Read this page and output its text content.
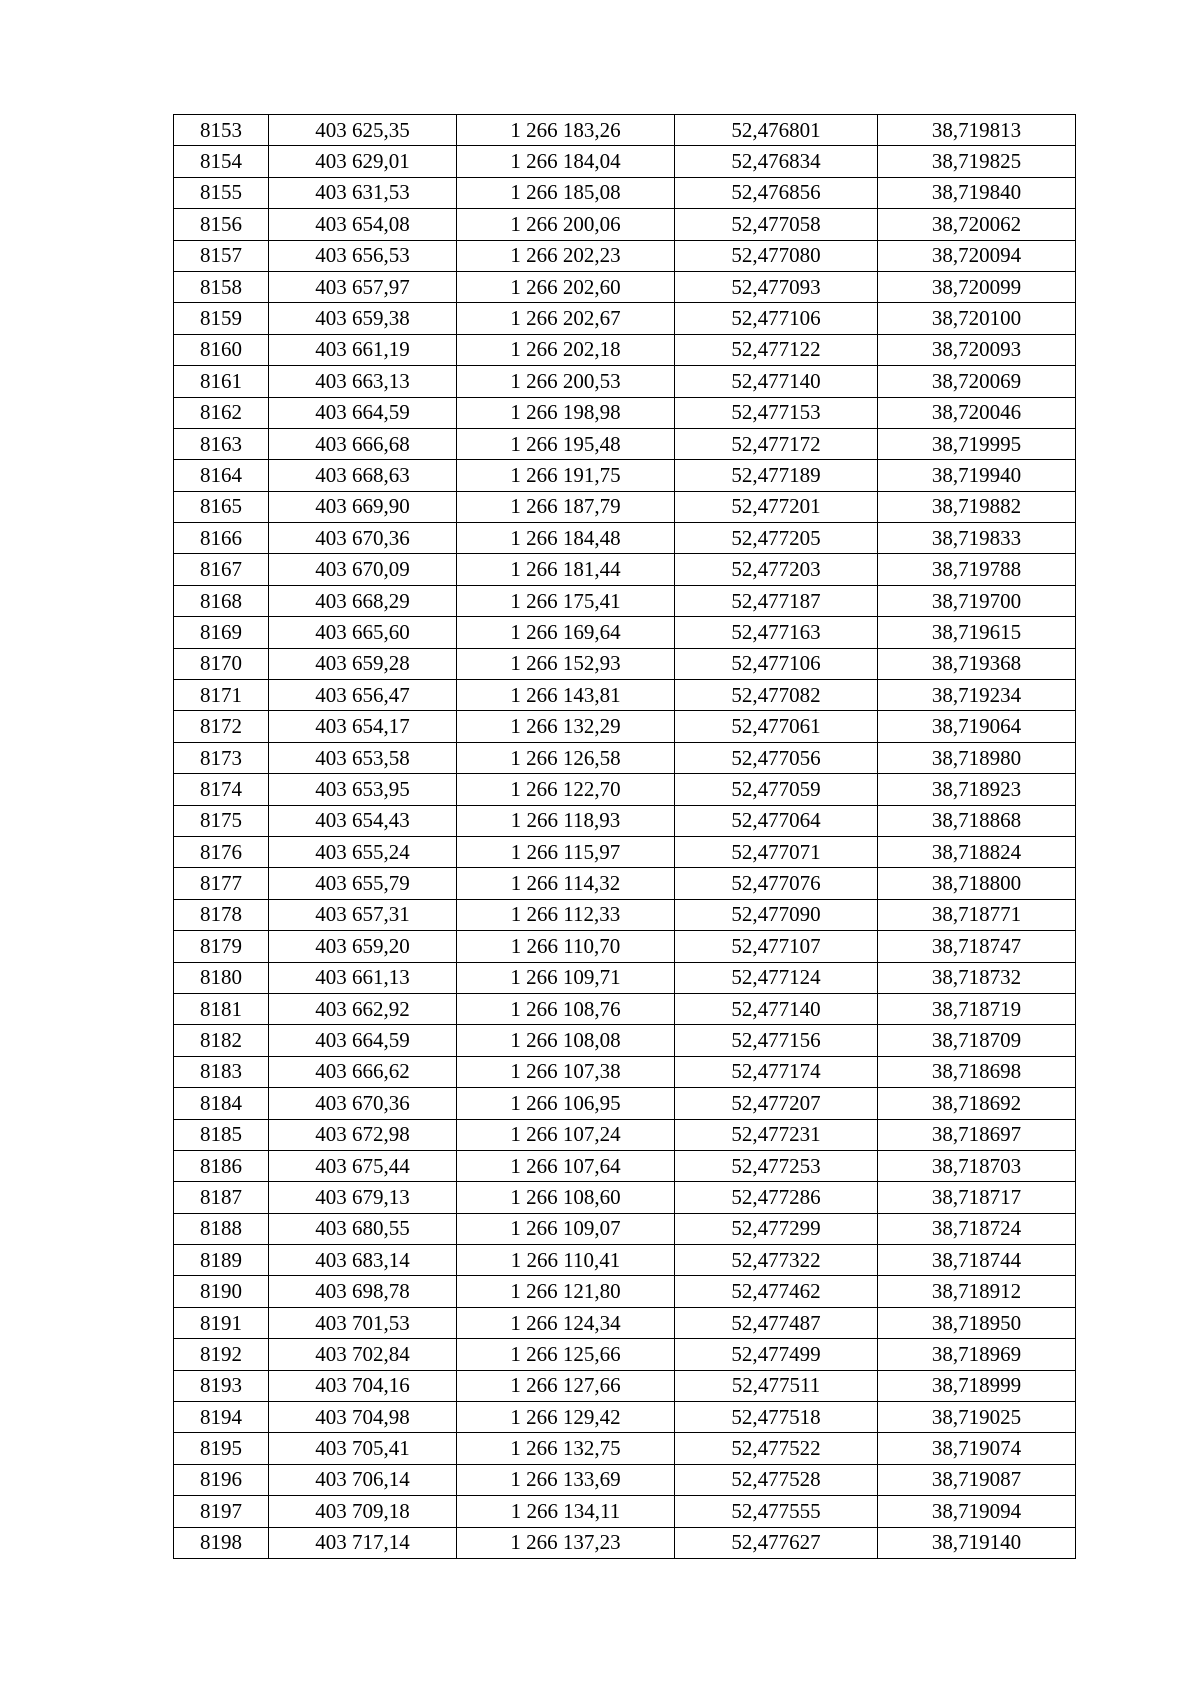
8153	403 625,35	1 266 183,26	52,476801	38,719813
8154	403 629,01	1 266 184,04	52,476834	38,719825
8155	403 631,53	1 266 185,08	52,476856	38,719840
8156	403 654,08	1 266 200,06	52,477058	38,720062
8157	403 656,53	1 266 202,23	52,477080	38,720094
8158	403 657,97	1 266 202,60	52,477093	38,720099
8159	403 659,38	1 266 202,67	52,477106	38,720100
8160	403 661,19	1 266 202,18	52,477122	38,720093
8161	403 663,13	1 266 200,53	52,477140	38,720069
8162	403 664,59	1 266 198,98	52,477153	38,720046
8163	403 666,68	1 266 195,48	52,477172	38,719995
8164	403 668,63	1 266 191,75	52,477189	38,719940
8165	403 669,90	1 266 187,79	52,477201	38,719882
8166	403 670,36	1 266 184,48	52,477205	38,719833
8167	403 670,09	1 266 181,44	52,477203	38,719788
8168	403 668,29	1 266 175,41	52,477187	38,719700
8169	403 665,60	1 266 169,64	52,477163	38,719615
8170	403 659,28	1 266 152,93	52,477106	38,719368
8171	403 656,47	1 266 143,81	52,477082	38,719234
8172	403 654,17	1 266 132,29	52,477061	38,719064
8173	403 653,58	1 266 126,58	52,477056	38,718980
8174	403 653,95	1 266 122,70	52,477059	38,718923
8175	403 654,43	1 266 118,93	52,477064	38,718868
8176	403 655,24	1 266 115,97	52,477071	38,718824
8177	403 655,79	1 266 114,32	52,477076	38,718800
8178	403 657,31	1 266 112,33	52,477090	38,718771
8179	403 659,20	1 266 110,70	52,477107	38,718747
8180	403 661,13	1 266 109,71	52,477124	38,718732
8181	403 662,92	1 266 108,76	52,477140	38,718719
8182	403 664,59	1 266 108,08	52,477156	38,718709
8183	403 666,62	1 266 107,38	52,477174	38,718698
8184	403 670,36	1 266 106,95	52,477207	38,718692
8185	403 672,98	1 266 107,24	52,477231	38,718697
8186	403 675,44	1 266 107,64	52,477253	38,718703
8187	403 679,13	1 266 108,60	52,477286	38,718717
8188	403 680,55	1 266 109,07	52,477299	38,718724
8189	403 683,14	1 266 110,41	52,477322	38,718744
8190	403 698,78	1 266 121,80	52,477462	38,718912
8191	403 701,53	1 266 124,34	52,477487	38,718950
8192	403 702,84	1 266 125,66	52,477499	38,718969
8193	403 704,16	1 266 127,66	52,477511	38,718999
8194	403 704,98	1 266 129,42	52,477518	38,719025
8195	403 705,41	1 266 132,75	52,477522	38,719074
8196	403 706,14	1 266 133,69	52,477528	38,719087
8197	403 709,18	1 266 134,11	52,477555	38,719094
8198	403 717,14	1 266 137,23	52,477627	38,719140
